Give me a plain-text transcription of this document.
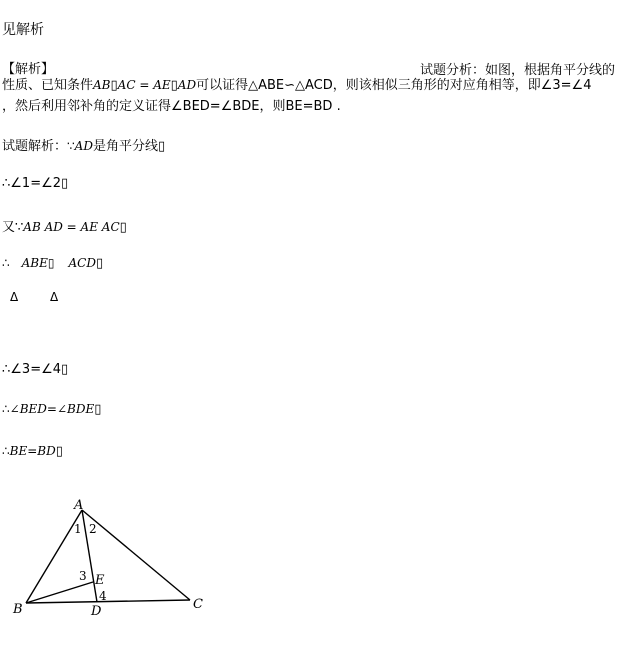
见解析
【解析】	试题分析：如图，根据角平分线的
性质、已知条件AB▯AC = AE▯AD可以证得△ABE∽△ACD，则该相似三角形的对应角相等，即∠3=∠4
，然后利用邻补角的定义证得∠BED=∠BDE，则BE=BD .
试题解析：∵AD是角平分线▯
∴∠1=∠2▯
又∵AB AD = AE AC▯
∴ ABE▯ ACD▯
Δ	Δ
∴∠3=∠4▯
∴∠BED=∠BDE▯
∴BE=BD▯
A
B	C
D
E
1 2
3
4
